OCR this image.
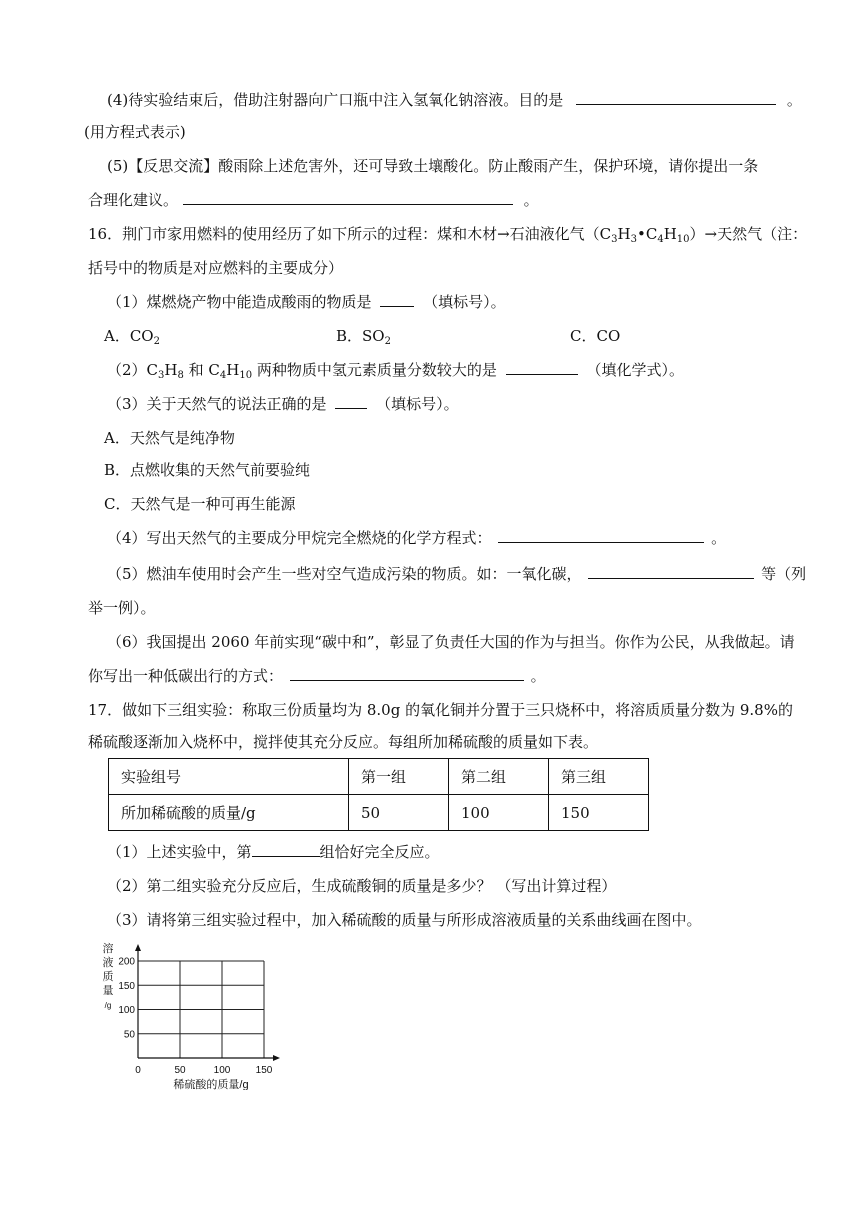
(4)待实验结束后，借助注射器向广口瓶中注入氢氧化钠溶液。目的是	。
(用方程式表示)
(5)【反思交流】酸雨除上述危害外，还可导致土壤酸化。防止酸雨产生，保护环境，请你提出一条
合理化建议。	。
16．荆门市家用燃料的使用经历了如下所示的过程：煤和木材→石油液化气$(C_3H_3•C_4H_{10})\to$天然气（注：
括号中的物质是对应燃料的主要成分）
（1）煤燃烧产物中能造成酸雨的物质是	（填标号）。
A．$CO_2$	B．$SO_2$	C．CO
$(2)C_3H_8$ 和 $C_4H_{10}$ 两种物质中氢元素质量分数较大的是	（填化学式）。
（3）关于天然气的说法正确的是	（填标号）。
A．天然气是纯净物
B．点燃收集的天然气前要验纯
C．天然气是一种可再生能源
（4）写出天然气的主要成分甲烷完全燃烧的化学方程式：	。
（5）燃油车使用时会产生一些对空气造成污染的物质。如：一氧化碳，	等（列
举一例）。
（6）我国提出 2060 年前实现“碳中和”，彰显了负责任大国的作为与担当。你作为公民，从我做起。请
你写出一种低碳出行的方式：	。
17．做如下三组实验：称取三份质量均为 8.0g 的氧化铜并分置于三只烧杯中，将溶质质量分数为 9.8%的
稀硫酸逐渐加入烧杯中，搅拌使其充分反应。每组所加稀硫酸的质量如下表。
实验组号	第一组	第二组	第三组
所加稀硫酸的质量/g	50	100	150
（1）上述实验中，第	组恰好完全反应。
（2）第二组实验充分反应后，生成硫酸铜的质量是多少？ （写出计算过程）
（3）请将第三组实验过程中，加入稀硫酸的质量与所形成溶液质量的关系曲线画在图中。
0	50	100	150
50
100
150
200
溶
液
质
量
/g
稀硫酸的质量/g
